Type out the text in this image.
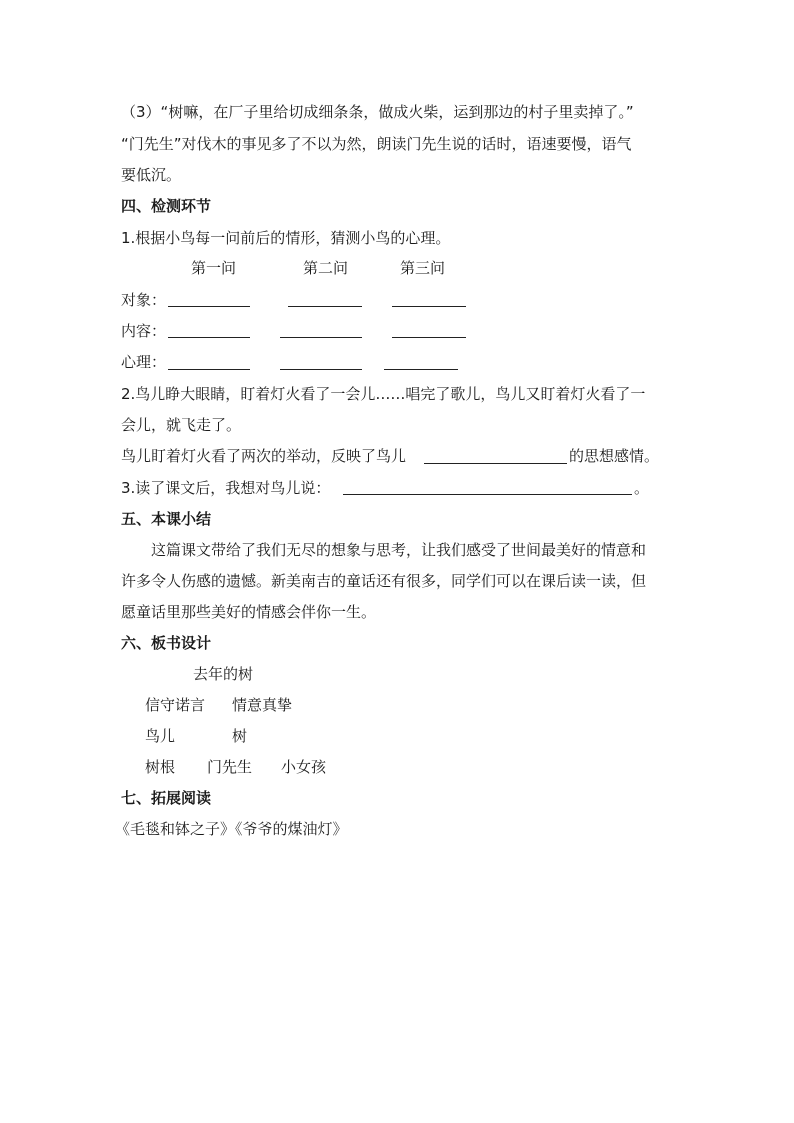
（3）“树嘛，在厂子里给切成细条条，做成火柴，运到那边的村子里卖掉了。”
“门先生”对伐木的事见多了不以为然，朗读门先生说的话时，语速要慢，语气
要低沉。
四、检测环节
1.根据小鸟每一问前后的情形，猜测小鸟的心理。
第一问	第二问	第三问
对象：
内容：
心理：
2.鸟儿睁大眼睛，盯着灯火看了一会儿……唱完了歌儿，鸟儿又盯着灯火看了一
会儿，就飞走了。
鸟儿盯着灯火看了两次的举动，反映了鸟儿	的思想感情。
3.读了课文后，我想对鸟儿说：	。
五、本课小结
这篇课文带给了我们无尽的想象与思考，让我们感受了世间最美好的情意和
许多令人伤感的遗憾。新美南吉的童话还有很多，同学们可以在课后读一读，但
愿童话里那些美好的情感会伴你一生。
六、板书设计
去年的树
信守诺言 情意真挚
鸟儿	树
树根 门先生 小女孩
七、拓展阅读
《毛毯和钵之子》《爷爷的煤油灯》
